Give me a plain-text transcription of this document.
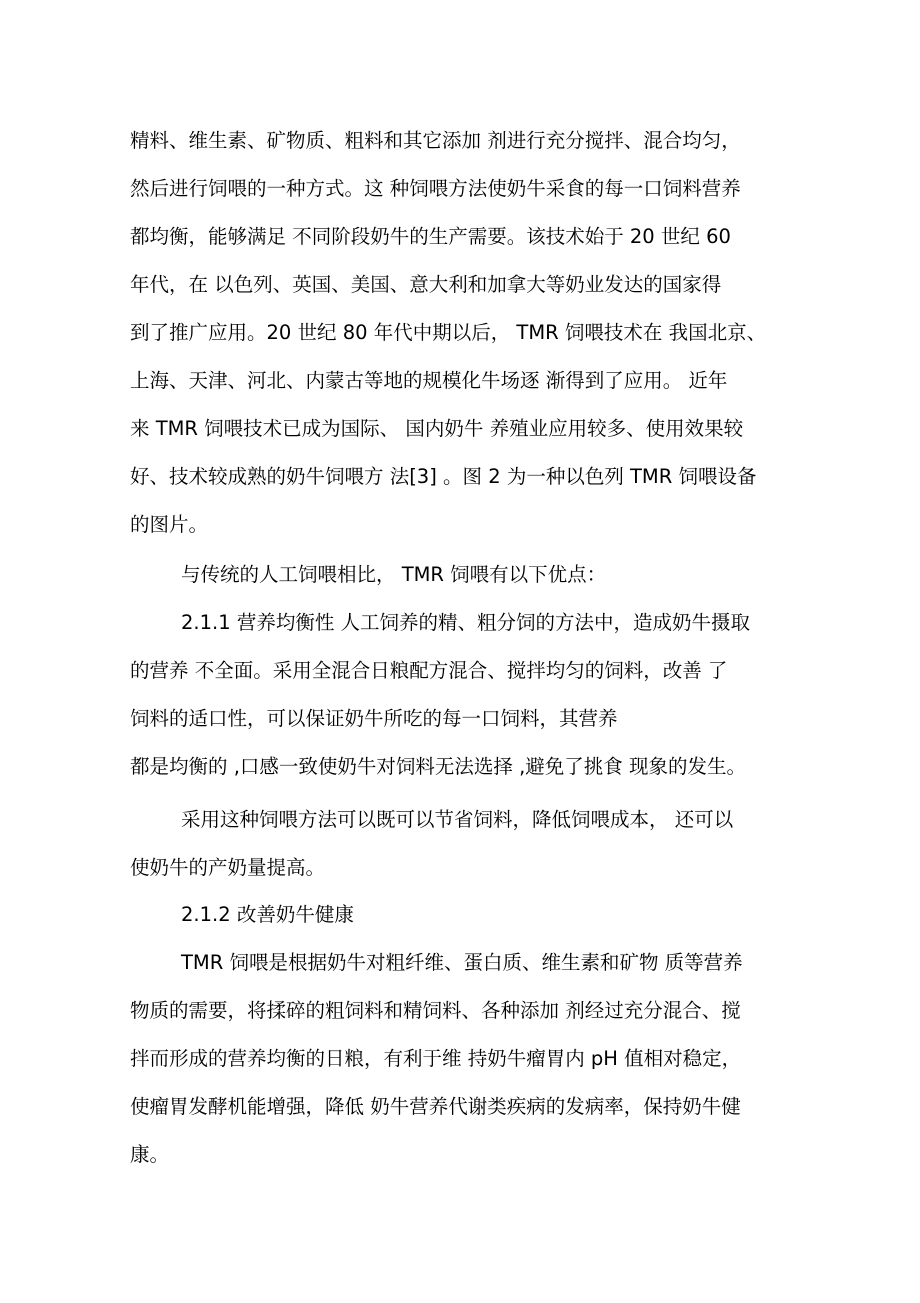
精料、维生素、矿物质、粗料和其它添加 剂进行充分搅拌、混合均匀，
然后进行饲喂的一种方式。这 种饲喂方法使奶牛采食的每一口饲料营养
都均衡，能够满足 不同阶段奶牛的生产需要。该技术始于 20 世纪 60
年代，在 以色列、英国、美国、意大利和加拿大等奶业发达的国家得
到了推广应用。20 世纪 80 年代中期以后， TMR 饲喂技术在 我国北京、
上海、天津、河北、内蒙古等地的规模化牛场逐 渐得到了应用。 近年
来 TMR 饲喂技术已成为国际、 国内奶牛 养殖业应用较多、使用效果较
好、技术较成熟的奶牛饲喂方 法[3] 。图 2 为一种以色列 TMR 饲喂设备
的图片。
与传统的人工饲喂相比， TMR 饲喂有以下优点：
2.1.1 营养均衡性 人工饲养的精、粗分饲的方法中，造成奶牛摄取
的营养 不全面。采用全混合日粮配方混合、搅拌均匀的饲料，改善 了
饲料的适口性，可以保证奶牛所吃的每一口饲料，其营养
都是均衡的 ,口感一致使奶牛对饲料无法选择 ,避免了挑食 现象的发生。
采用这种饲喂方法可以既可以节省饲料，降低饲喂成本， 还可以
使奶牛的产奶量提高。
2.1.2 改善奶牛健康
TMR 饲喂是根据奶牛对粗纤维、蛋白质、维生素和矿物 质等营养
物质的需要，将揉碎的粗饲料和精饲料、各种添加 剂经过充分混合、搅
拌而形成的营养均衡的日粮，有利于维 持奶牛瘤胃内 pH 值相对稳定，
使瘤胃发酵机能增强，降低 奶牛营养代谢类疾病的发病率，保持奶牛健
康。
